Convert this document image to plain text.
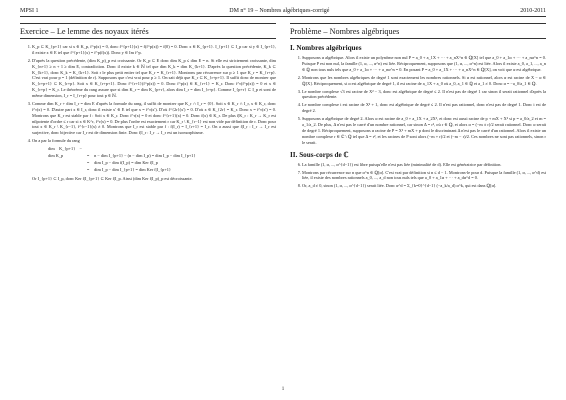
MPSI 1	DM n° 19 – Nombres algébriques-corrigé	2010-2011
Exercice – Le lemme des noyaux itérés
1. K_p ⊂ K_{p+1} car si x ∈ K_p, f^p(x) = 0, donc f^{p+1}(x) = f(f^p(x)) = f(0) = 0. Donc x ∈ K_{p+1}. I_{p+1} ⊂ I_p car si y ∈ I_{p+1}, il existe x ∈ E tel que f^{p+1}(x) = f^p(f(x)). Donc y ∈ Im f^p.
2. D'après la question précédente, (dim K_p)_p est croissante. Or K_p ⊂ E donc dim K_p ≤ dim E = n. Si elle est strictement croissante, dim K_{n+1} ≥ n + 1 ≥ dim E, contradiction. Donc il existe k ∈ ℕ tel que dim K_k = dim K_{k+1}. D'après la question précédente, K_k ⊂ K_{k+1}, donc K_k = K_{k+1}. Soit r le plus petit entier tel que K_r = K_{r+1}. Montrons par récurrence sur p ≥ 1 que K_r = K_{r+p}. C'est vrai pour p = 1 (définition de r). Supposons que c'est vrai pour p ≥ 1. On sait déjà que K_r ⊂ K_{r+p+1}. Il suffit donc de montrer que K_{r+p+1} ⊂ K_{r+p}. Soit x ∈ K_{r+p+1}. Donc f^{r+1}(f^p(x)) = 0. Donc f^p(x) ∈ K_{r+1} = K_r. Donc f^r(f^p(x)) = 0 et x ∈ K_{r+p} = K_r. Le théorème du rang assure que si dim K_r = dim K_{p+r}, alors dim I_r = dim I_{r+p}. Comme I_{p+r} ⊂ I_p et sont de même dimension, I_r = I_{r+p} pour tout p ∈ ℕ.
3. Comme dim K_r + dim I_r = dim E d'après la formule du rang, il suffit de montrer que K_r ∩ I_r = {0}. Soit x ∈ K_r ∩ I_r, x ∈ K_r, donc f^r(x) = 0. D'autre part x ∈ I_r, donc il existe x' ∈ E tel que x = f^r(x'). D'où f^{2r}(x') = 0. D'où x ∈ K_{2r} = K_r. Donc x = f^r(x') = 0. Montrons que K_r est stable par f : Soit x ∈ K_r. Donc f^r(x) = 0 et donc f^{r+1}(x) = 0. Donc f(x) ∈ K_r. De plus f|K_r : K_r → K_r est nilpotente d'ordre ≤ r car si x ∈ K^r, f^r(x) = 0. De plus l'ordre est exactement r car K_r \ K_{r−1} est non vide par définition de r. Donc pour tout x ∈ K_r \ K_{r−1}, f^{r−1}(x) ≠ 0. Montrons que I_r est stable par f : f(I_r) = I_{r+1} = I_r. On a aussi que f|I_r : I_r → I_r est surjective, donc bijective car I_r est de dimension finie. Donc f|I_r : I_r → I_r est un isomorphisme.
4. On a par la formule du rang
dim K_{p+1} − dim K_p	= n − dim I_{p+1} − (n − dim I_p) = dim I_p − dim I_{p+1}
= dim I_p − dim f(I_p) = dim Ker f|I_p
= dim I_p − dim I_{p+1} = dim Ker f|I_{p+1}
Or I_{p+1} ⊂ I_p, donc Ker f|I_{p+1} ⊂ Ker f|I_p. Ainsi (dim Ker f|I_p)_p est décroissante.
Problème – Nombres algébriques
I. Nombres algébriques
1. Supposons α algébrique. Alors il existe un polynôme non nul P = a_0 + a_1X + ··· + a_nX^n ∈ ℚ[X] tel que a_0 + a_1α + ··· + a_nα^n = 0. Puisque P est non nul, la famille (1, α, ..., α^n) est liée. Réciproquement, supposons que (1, α, ..., α^n) est liée. Alors il existe a_0, a_1, ..., a_n ∈ ℚ non tous nuls tels que a_0 + a_1α + ··· + a_nα^n = 0. En posant P = a_0 + a_1X + ··· + a_nX^n ∈ ℚ[X], on voit que α est algébrique.
2. Montrons que les nombres algébriques de degré 1 sont exactement les nombres rationnels. Si α est rationnel, alors α est racine de X − α ∈ ℚ[X]. Réciproquement, si α est algébrique de degré 1, il est racine de a_1X + a_0 où a_0, a_1 ∈ ℚ et a_1 ≠ 0. Donc α = −a_0/a_1 ∈ ℚ.
3. Le nombre complexe √3 est racine de X² − 3, donc est algébrique de degré ≤ 2. Il n'est pas de degré 1 car sinon il serait rationnel d'après la question précédente.
4. Le nombre complexe i est racine de X² + 1, donc est algébrique de degré ≤ 2. Il n'est pas rationnel, donc n'est pas de degré 1. Donc i est de degré 2.
5. Supposons α algébrique de degré 2. Alors α est racine de a_0 + a_1X + a_2X², et donc est aussi racine de p + mX + X² si p = a_0/a_2 et m = a_1/a_2. De plus, Δ n'est pas le carré d'un nombre rationnel, car sinon Δ = r², où r ∈ ℚ, et alors α = (−m ± r)/2 serait rationnel. Donc α serait de degré 1. Réciproquement, supposons α racine de P = X² + mX + p dont le discriminant Δ n'est pas le carré d'un rationnel. Alors il existe un nombre complexe r ∈ ℂ \ ℚ tel que Δ = r², et les racines de P sont alors (−m + r)/2 et (−m − r)/2. Ces nombres ne sont pas rationnels, sinon r le serait.
II. Sous-corps de ℂ
6. La famille (1, α, ..., α^{d−1}) est libre puisqu'elle n'est pas liée (minimalité de d). Elle est génératrice par définition.
7. Montrons par récurrence sur n que α^n ∈ ℚ[α]. C'est vrai par définition si n ≤ d − 1. Montrons-le pour d. Puisque la famille (1, α, ..., α^d) est liée, il existe des nombres rationnels a_0, ..., a_d non tous nuls tels que a_0 + a_1α + ··· + a_dα^d = 0.
8. Or, a_d ≠ 0, sinon (1, α, ..., α^{d−1}) serait liée. Donc α^d = Σ_{k=0}^{d−1} (−a_k/a_d) α^k, qui est dans ℚ[α].
1
